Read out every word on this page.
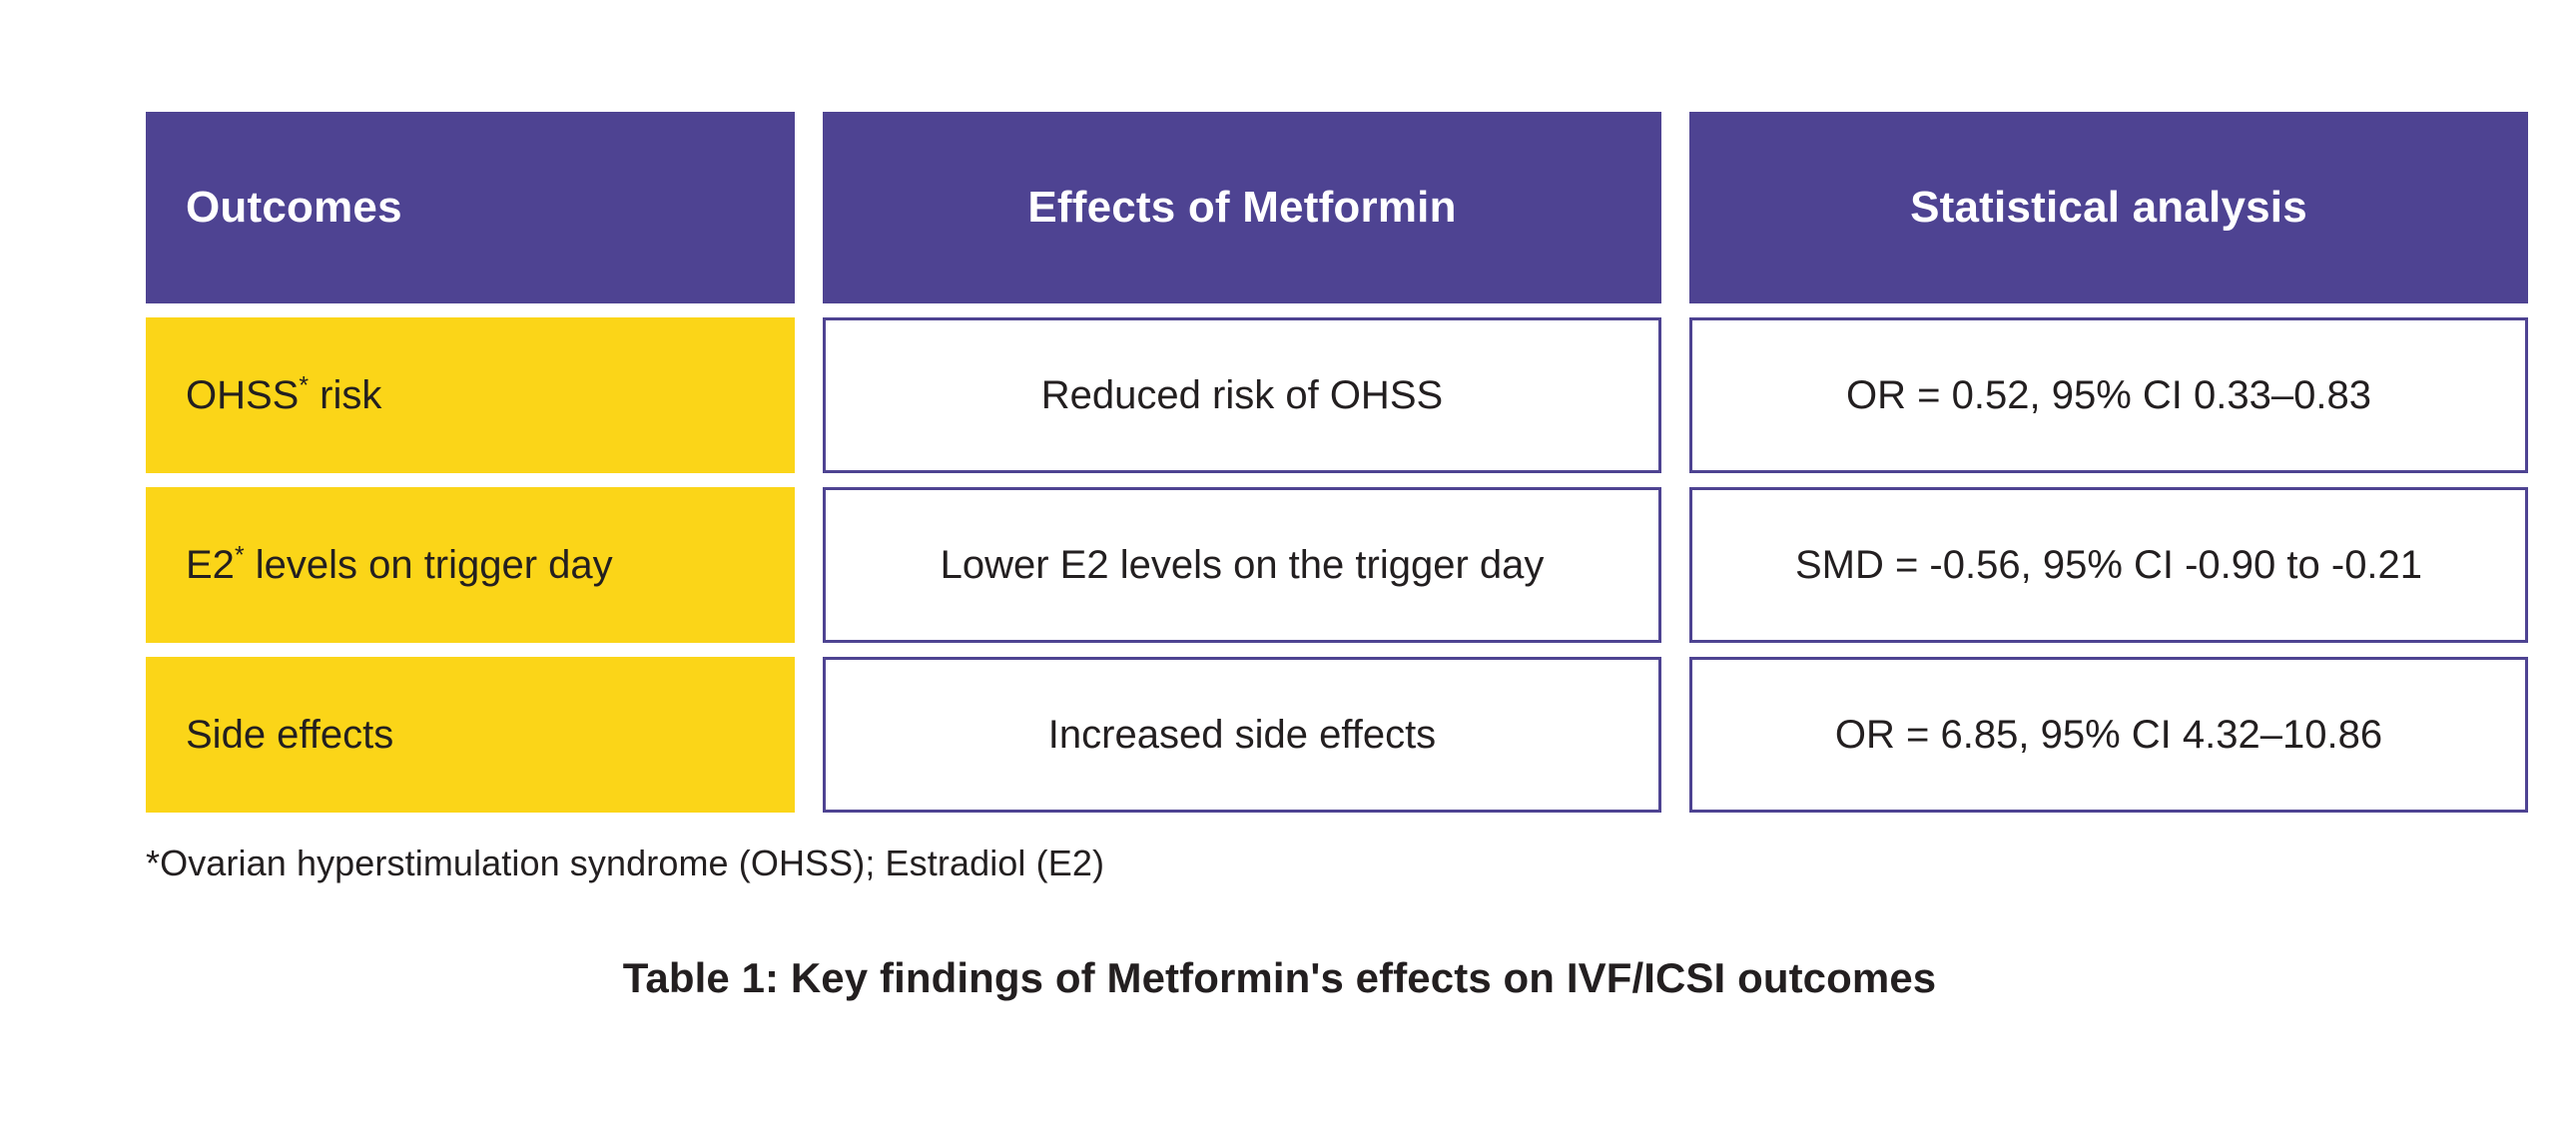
Outcomes	Effects of Metformin	Statistical analysis
OHSS* risk	Reduced risk of OHSS	OR = 0.52, 95% CI 0.33–0.83
E2* levels on trigger day	Lower E2 levels on the trigger day	SMD = -0.56, 95% CI -0.90 to -0.21
Side effects	Increased side effects	OR = 6.85, 95% CI 4.32–10.86
*Ovarian hyperstimulation syndrome (OHSS); Estradiol (E2)
Table 1: Key findings of Metformin's effects on IVF/ICSI outcomes
